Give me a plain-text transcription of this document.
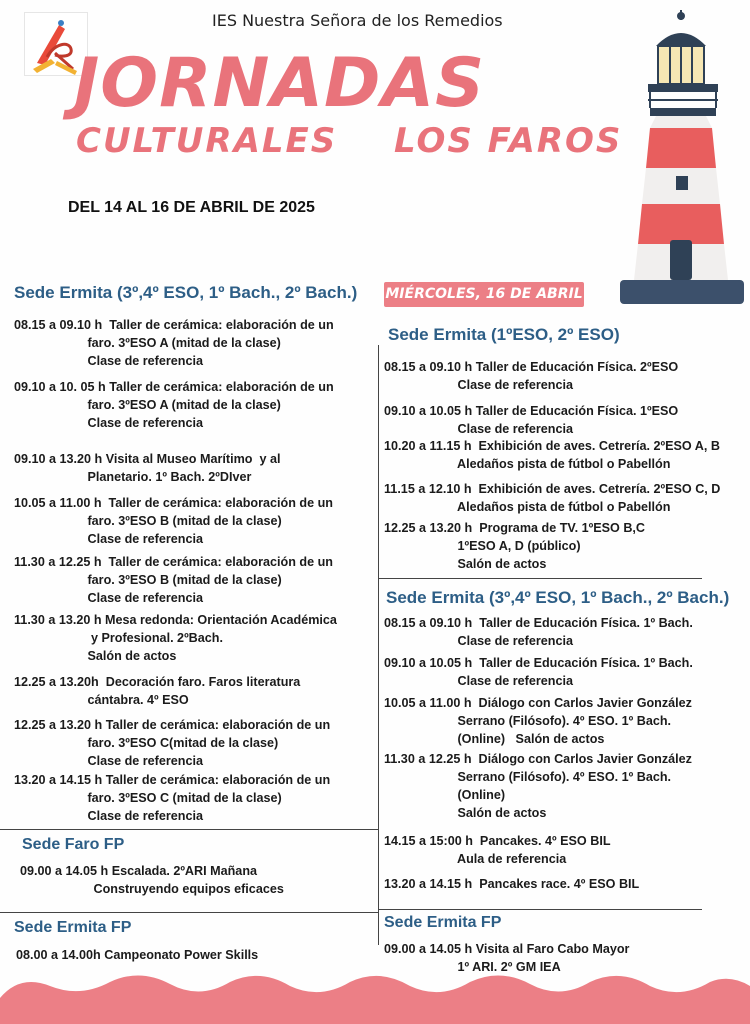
IES Nuestra Señora de los Remedios
JORNADAS
CULTURALES LOS FAROS
DEL 14 AL 16 DE ABRIL DE 2025
Sede Ermita (3º,4º ESO, 1º Bach., 2º Bach.) MIÉRCOLES, 16 DE ABRIL
08.15 a 09.10 h  Taller de cerámica: elaboración de un
faro. 3ºESO A (mitad de la clase)
Clase de referencia
09.10 a 10. 05 h Taller de cerámica: elaboración de un
faro. 3ºESO A (mitad de la clase)
Clase de referencia
09.10 a 13.20 h Visita al Museo Marítimo  y al
Planetario. 1º Bach. 2ºDIver
10.05 a 11.00 h  Taller de cerámica: elaboración de un
faro. 3ºESO B (mitad de la clase)
Clase de referencia
11.30 a 12.25 h  Taller de cerámica: elaboración de un
faro. 3ºESO B (mitad de la clase)
Clase de referencia
11.30 a 13.20 h Mesa redonda: Orientación Académica
y Profesional. 2ºBach.
Salón de actos
12.25 a 13.20h  Decoración faro. Faros literatura
cántabra. 4º ESO
12.25 a 13.20 h Taller de cerámica: elaboración de un
faro. 3ºESO C(mitad de la clase)
Clase de referencia
13.20 a 14.15 h Taller de cerámica: elaboración de un
faro. 3ºESO C (mitad de la clase)
Clase de referencia
Sede Faro FP
09.00 a 14.05 h Escalada. 2ºARI Mañana
Construyendo equipos eficaces
Sede Ermita FP
08.00 a 14.00h Campeonato Power Skills
Sede Ermita (1ºESO, 2º ESO)
08.15 a 09.10 h Taller de Educación Física. 2ºESO
Clase de referencia
09.10 a 10.05 h Taller de Educación Física. 1ºESO
Clase de referencia
10.20 a 11.15 h  Exhibición de aves. Cetrería. 2ºESO A, B
Aledaños pista de fútbol o Pabellón
11.15 a 12.10 h  Exhibición de aves. Cetrería. 2ºESO C, D
Aledaños pista de fútbol o Pabellón
12.25 a 13.20 h  Programa de TV. 1ºESO B,C
1ºESO A, D (público)
Salón de actos
Sede Ermita (3º,4º ESO, 1º Bach., 2º Bach.)
08.15 a 09.10 h  Taller de Educación Física. 1º Bach.
Clase de referencia
09.10 a 10.05 h  Taller de Educación Física. 1º Bach.
Clase de referencia
10.05 a 11.00 h  Diálogo con Carlos Javier González
Serrano (Filósofo). 4º ESO. 1º Bach.
(Online)   Salón de actos
11.30 a 12.25 h  Diálogo con Carlos Javier González
Serrano (Filósofo). 4º ESO. 1º Bach.
(Online)
Salón de actos
14.15 a 15:00 h  Pancakes. 4º ESO BIL
Aula de referencia
13.20 a 14.15 h  Pancakes race. 4º ESO BIL
Sede Ermita FP
09.00 a 14.05 h Visita al Faro Cabo Mayor
1º ARI. 2º GM IEA
